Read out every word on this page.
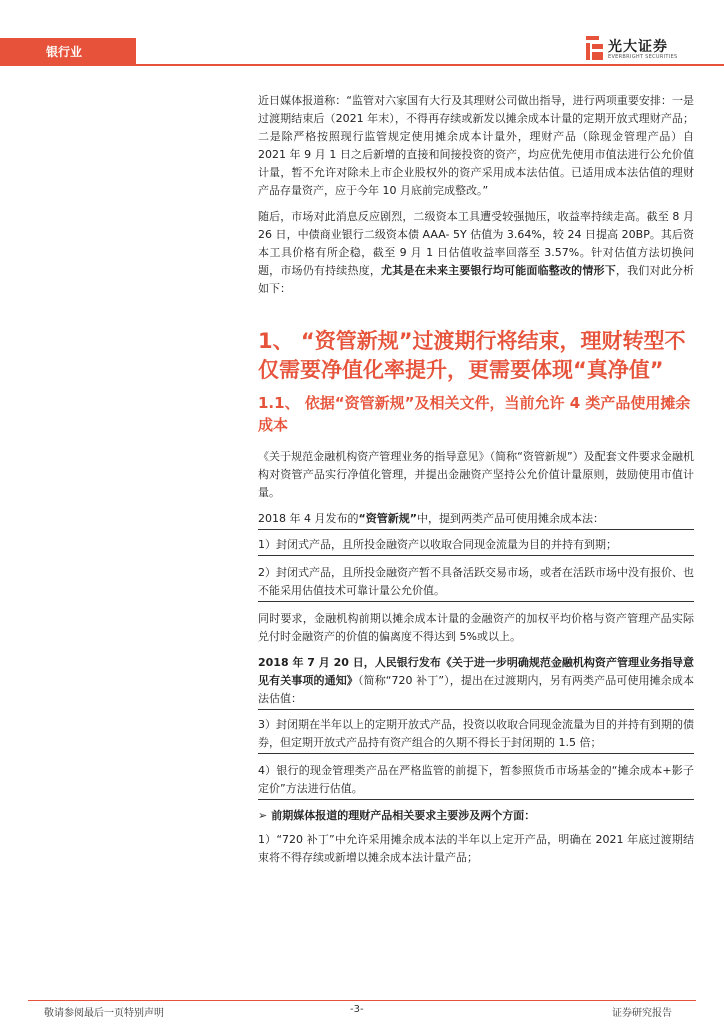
银行业	光大证券
EVERBRIGHT SECURITIES

近日媒体报道称：“监管对六家国有大行及其理财公司做出指导，进行两项重要安排：一是过渡期结束后（2021 年末），不得再存续或新发以摊余成本计量的定期开放式理财产品；二是除严格按照现行监管规定使用摊余成本计量外，理财产品（除现金管理产品）自 2021 年 9 月 1 日之后新增的直接和间接投资的资产，均应优先使用市值法进行公允价值计量，暂不允许对除未上市企业股权外的资产采用成本法估值。已适用成本法估值的理财产品存量资产，应于今年 10 月底前完成整改。”

随后，市场对此消息反应剧烈，二级资本工具遭受较强抛压，收益率持续走高。截至 8 月 26 日，中债商业银行二级资本债 AAA- 5Y 估值为 3.64%，较 24 日提高 20BP。其后资本工具价格有所企稳，截至 9 月 1 日估值收益率回落至 3.57%。针对估值方法切换问题，市场仍有持续热度，尤其是在未来主要银行均可能面临整改的情形下，我们对此分析如下：

1、 “资管新规”过渡期行将结束，理财转型不仅需要净值化率提升，更需要体现“真净值”
1.1、 依据“资管新规”及相关文件，当前允许 4 类产品使用摊余成本

《关于规范金融机构资产管理业务的指导意见》（简称“资管新规”）及配套文件要求金融机构对资管产品实行净值化管理，并提出金融资产坚持公允价值计量原则，鼓励使用市值计量。

2018 年 4 月发布的“资管新规”中，提到两类产品可使用摊余成本法：

1）封闭式产品，且所投金融资产以收取合同现金流量为目的并持有到期；

2）封闭式产品，且所投金融资产暂不具备活跃交易市场，或者在活跃市场中没有报价、也不能采用估值技术可靠计量公允价值。

同时要求，金融机构前期以摊余成本计量的金融资产的加权平均价格与资产管理产品实际兑付时金融资产的价值的偏离度不得达到 5%或以上。

2018 年 7 月 20 日，人民银行发布《关于进一步明确规范金融机构资产管理业务指导意见有关事项的通知》（简称“720 补丁”），提出在过渡期内，另有两类产品可使用摊余成本法估值：

3）封闭期在半年以上的定期开放式产品，投资以收取合同现金流量为目的并持有到期的债券，但定期开放式产品持有资产组合的久期不得长于封闭期的 1.5 倍；

4）银行的现金管理类产品在严格监管的前提下，暂参照货币市场基金的“摊余成本+影子定价”方法进行估值。

➢ 前期媒体报道的理财产品相关要求主要涉及两个方面：

1）“720 补丁”中允许采用摊余成本法的半年以上定开产品，明确在 2021 年底过渡期结束将不得存续或新增以摊余成本法计量产品；

敬请参阅最后一页特别声明	-3-	证券研究报告
